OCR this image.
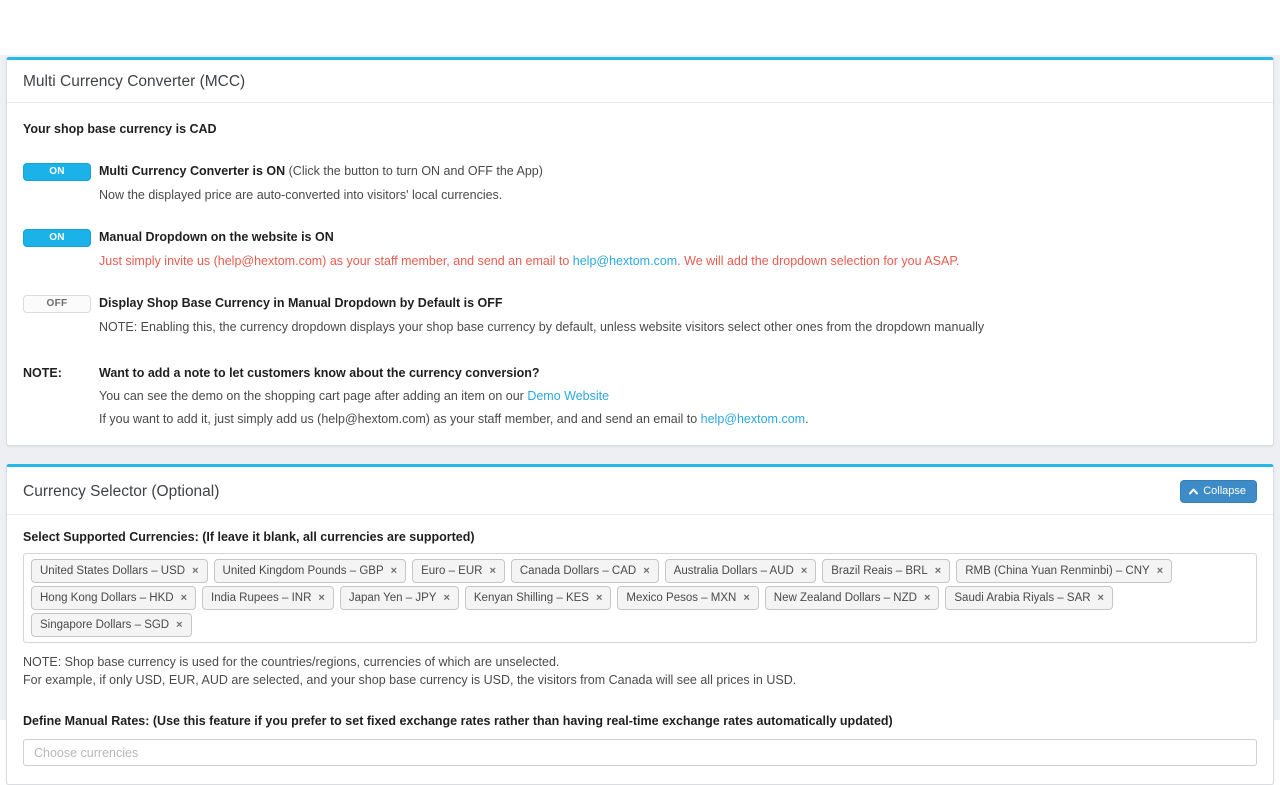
Multi Currency Converter (MCC)
Your shop base currency is CAD
ON	Multi Currency Converter is ON (Click the button to turn ON and OFF the App)
Now the displayed price are auto-converted into visitors' local currencies.
ON	Manual Dropdown on the website is ON
Just simply invite us (help@hextom.com) as your staff member, and send an email to help@hextom.com. We will add the dropdown selection for you ASAP.
OFF	Display Shop Base Currency in Manual Dropdown by Default is OFF
NOTE: Enabling this, the currency dropdown displays your shop base currency by default, unless website visitors select other ones from the dropdown manually
NOTE:	Want to add a note to let customers know about the currency conversion?
You can see the demo on the shopping cart page after adding an item on our Demo Website
If you want to add it, just simply add us (help@hextom.com) as your staff member, and and send an email to help@hextom.com.
Currency Selector (Optional)	Collapse
Select Supported Currencies: (If leave it blank, all currencies are supported)
United States Dollars – USD × United Kingdom Pounds – GBP × Euro – EUR × Canada Dollars – CAD × Australia Dollars – AUD × Brazil Reais – BRL × RMB (China Yuan Renminbi) – CNY ×
Hong Kong Dollars – HKD × India Rupees – INR × Japan Yen – JPY × Kenyan Shilling – KES × Mexico Pesos – MXN × New Zealand Dollars – NZD × Saudi Arabia Riyals – SAR ×
Singapore Dollars – SGD ×
NOTE: Shop base currency is used for the countries/regions, currencies of which are unselected.
For example, if only USD, EUR, AUD are selected, and your shop base currency is USD, the visitors from Canada will see all prices in USD.
Define Manual Rates: (Use this feature if you prefer to set fixed exchange rates rather than having real-time exchange rates automatically updated)
Choose currencies
